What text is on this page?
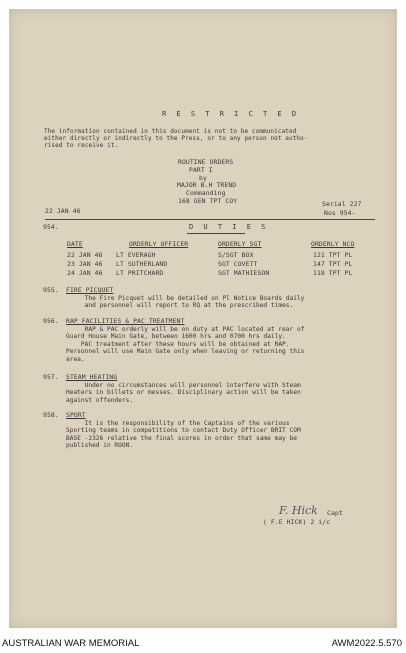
R E S T R I C T E D
The information contained in this document is not to be communicated
either directly or indirectly to the Press, or to any person not autho-
rised to receive it.
ROUTINE ORDERS
PART I
by
MAJOR B.H TREND
Commanding
168 GEN TPT COY
22 JAN 46
Serial 227
Nos 954-
954.	D U T I E S
DATE	ORDERLY OFFICER	ORDERLY SGT	ORDERLY NCO
22 JAN 46 LT EVERAGH	S/SGT BOX	121 TPT PL
23 JAN 46 LT SUTHERLAND	SGT COVETT	147 TPT PL
24 JAN 46 LT PRITCHARD	SGT MATHIESON	118 TPT PL
955. FIRE PICQUET
The Fire Picquet will be detailed on Pl Notice Boards daily
and personnel will report to RQ at the prescribed times.
956. RAP FACILITIES & PAC TREATMENT
RAP & PAC orderly will be on duty at PAC located at rear of
Guard House Main Gate, between 1600 hrs and 0700 hrs daily.
PAC treatment after these hours will be obtained at RAP.
Personnel will use Main Gate only when leaving or returning this
area.
957. STEAM HEATING
Under no circumstances will personnel interfere with Steam
Heaters in billets or messes. Disciplinary action will be taken
against offenders.
958. SPORT
It is the responsibility of the Captains of the various
Sporting teams in competitions to contact Duty Officer BRIT COM
BASE -2326 relative the final scores in order that same may be
published in ROON.
F. Hick Capt
( F.E HICK) 2 i/c
AUSTRALIAN WAR MEMORIAL	AWM2022.5.570
